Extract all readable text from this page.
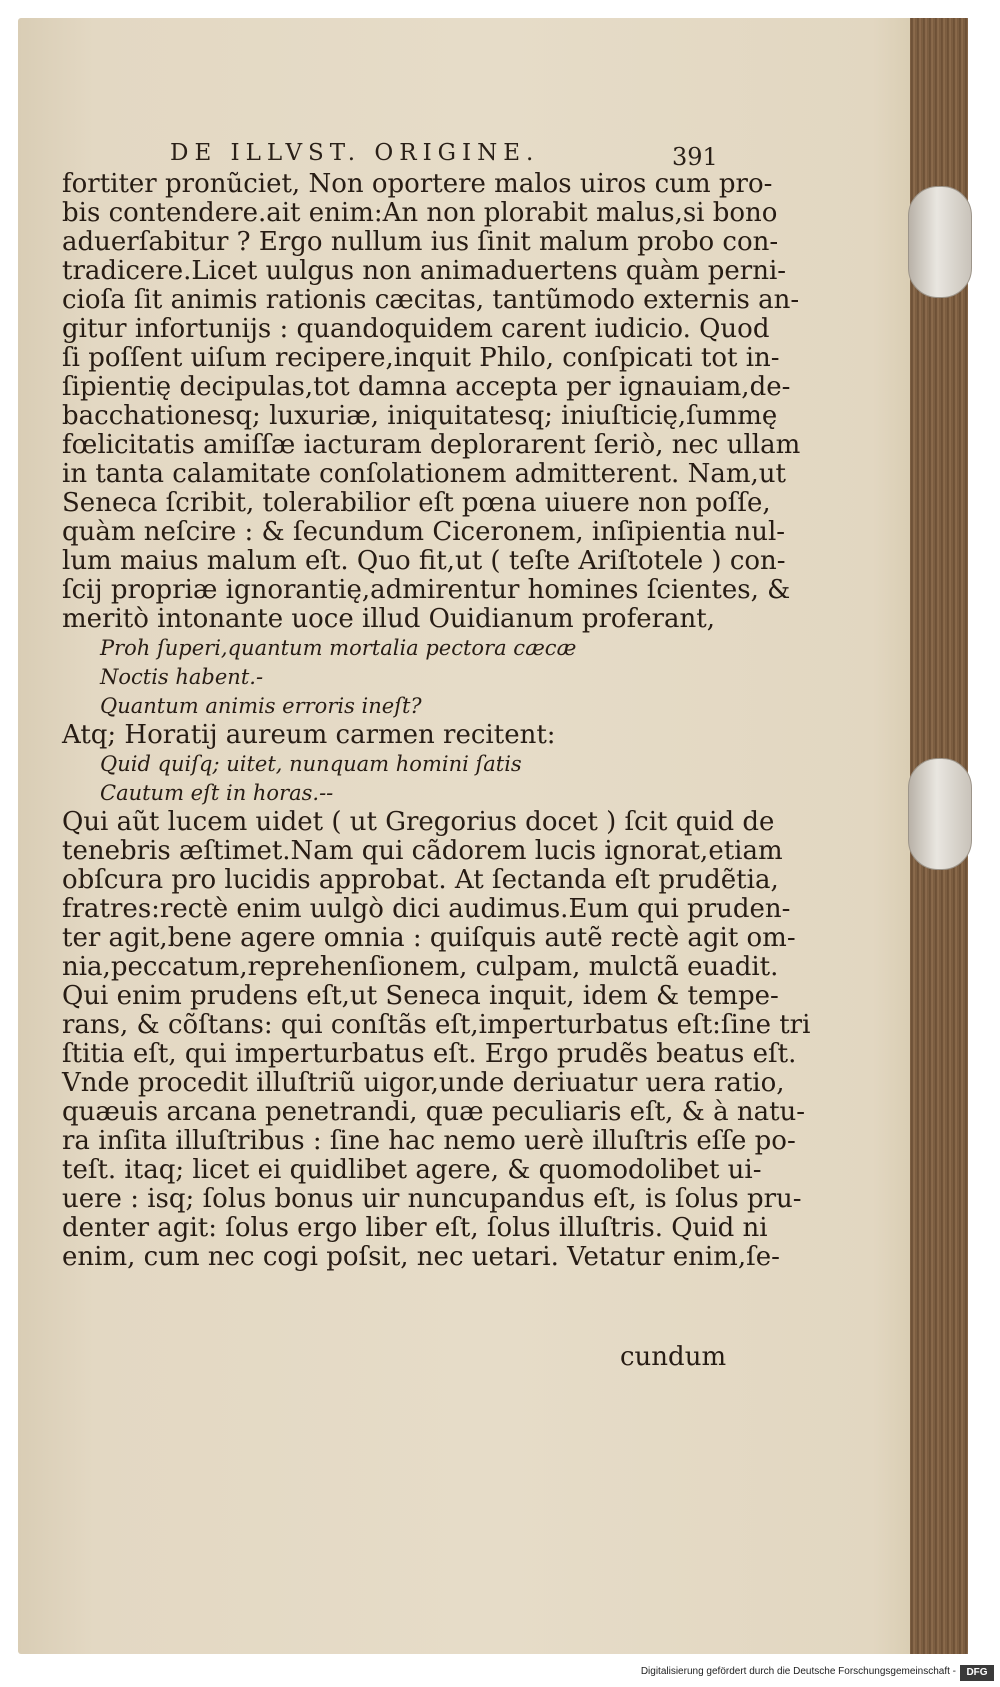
DE ILLVST. ORIGINE.	391
fortiter pronũciet, Non oportere malos uiros cum pro-
bis contendere.ait enim:An non plorabit malus,si bono
aduerſabitur ? Ergo nullum ius ſinit malum probo con-
tradicere.Licet uulgus non animaduertens quàm perni-
cioſa ſit animis rationis cæcitas, tantũmodo externis an-
gitur infortunijs : quandoquidem carent iudicio. Quod
ſi poſſent uiſum recipere,inquit Philo, conſpicati tot in-
ſipientię decipulas,tot damna accepta per ignauiam,de-
bacchationesq; luxuriæ, iniquitatesq; iniuſticię,ſummę
fœlicitatis amiſſæ iacturam deplorarent ſeriò, nec ullam
in tanta calamitate conſolationem admitterent. Nam,ut
Seneca ſcribit, tolerabilior eſt pœna uiuere non poſſe,
quàm neſcire : & ſecundum Ciceronem, inſipientia nul-
lum maius malum eſt. Quo fit,ut ( teſte Ariſtotele ) con-
ſcij propriæ ignorantię,admirentur homines ſcientes, &
meritò intonante uoce illud Ouidianum proferant,
Proh ſuperi,quantum mortalia pectora cæcæ
Noctis habent.-
Quantum animis erroris ineſt?
Atq; Horatij aureum carmen recitent:
Quid quiſq; uitet, nunquam homini ſatis
Cautum eſt in horas.--
Qui aũt lucem uidet ( ut Gregorius docet ) ſcit quid de
tenebris æſtimet.Nam qui cãdorem lucis ignorat,etiam
obſcura pro lucidis approbat. At ſectanda eſt prudẽtia,
fratres:rectè enim uulgò dici audimus.Eum qui pruden-
ter agit,bene agere omnia : quiſquis autẽ rectè agit om-
nia,peccatum,reprehenſionem, culpam, mulctã euadit.
Qui enim prudens eſt,ut Seneca inquit, idem & tempe-
rans, & cõſtans: qui conſtãs eſt,imperturbatus eſt:ſine tri
ſtitia eſt, qui imperturbatus eſt. Ergo prudẽs beatus eſt.
Vnde procedit illuſtriũ uigor,unde deriuatur uera ratio,
quæuis arcana penetrandi, quæ peculiaris eſt, & à natu-
ra inſita illuſtribus : ſine hac nemo uerè illuſtris eſſe po-
teſt. itaq; licet ei quidlibet agere, & quomodolibet ui-
uere : isq; ſolus bonus uir nuncupandus eſt, is ſolus pru-
denter agit: ſolus ergo liber eſt, ſolus illuſtris. Quid ni
enim, cum nec cogi poſsit, nec uetari. Vetatur enim,ſe-
cundum
Digitalisierung gefördert durch die Deutsche Forschungsgemeinschaft -	DFG
